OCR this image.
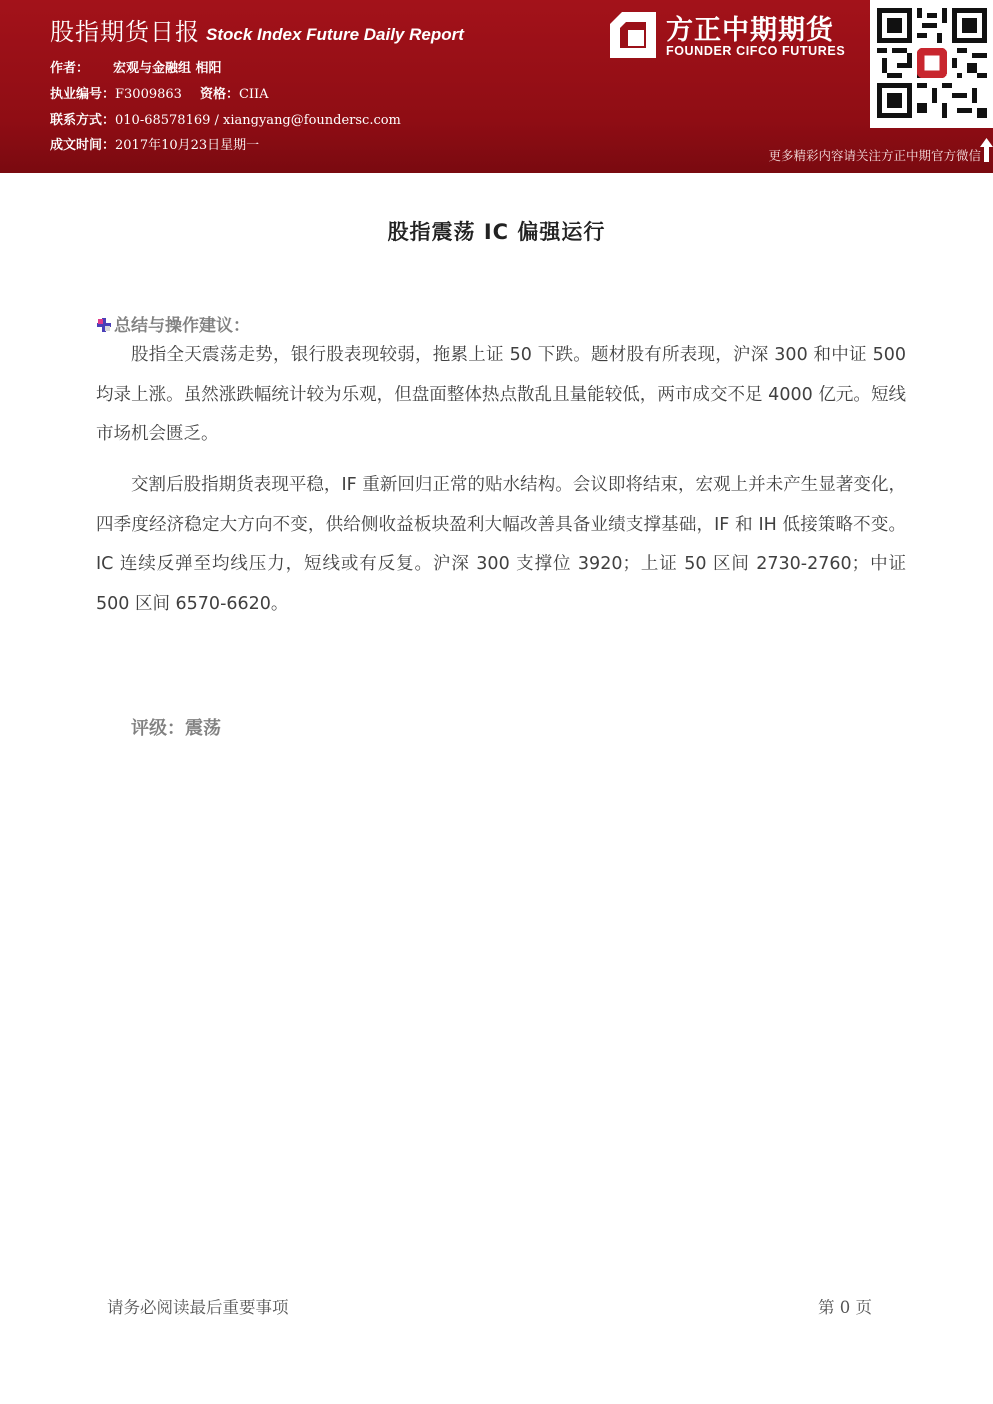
股指期货日报 Stock Index Future Daily Report
作者： 宏观与金融组 相阳
执业编号：F3009863 资格：CIIA
联系方式：010-68578169 / xiangyang@foundersc.com
成文时间：2017年10月23日星期一
方正中期期货
FOUNDER CIFCO FUTURES
更多精彩内容请关注方正中期官方微信
股指震荡 IC 偏强运行
总结与操作建议：

股指全天震荡走势，银行股表现较弱，拖累上证 50 下跌。题材股有所表现，沪深 300 和中证 500 均录上涨。虽然涨跌幅统计较为乐观，但盘面整体热点散乱且量能较低，两市成交不足 4000 亿元。短线市场机会匮乏。

交割后股指期货表现平稳，IF 重新回归正常的贴水结构。会议即将结束，宏观上并未产生显著变化，四季度经济稳定大方向不变，供给侧收益板块盈利大幅改善具备业绩支撑基础，IF 和 IH 低接策略不变。IC 连续反弹至均线压力，短线或有反复。沪深 300 支撑位 3920；上证 50 区间 2730-2760；中证 500 区间 6570-6620。

评级：震荡
请务必阅读最后重要事项	第 0 页
